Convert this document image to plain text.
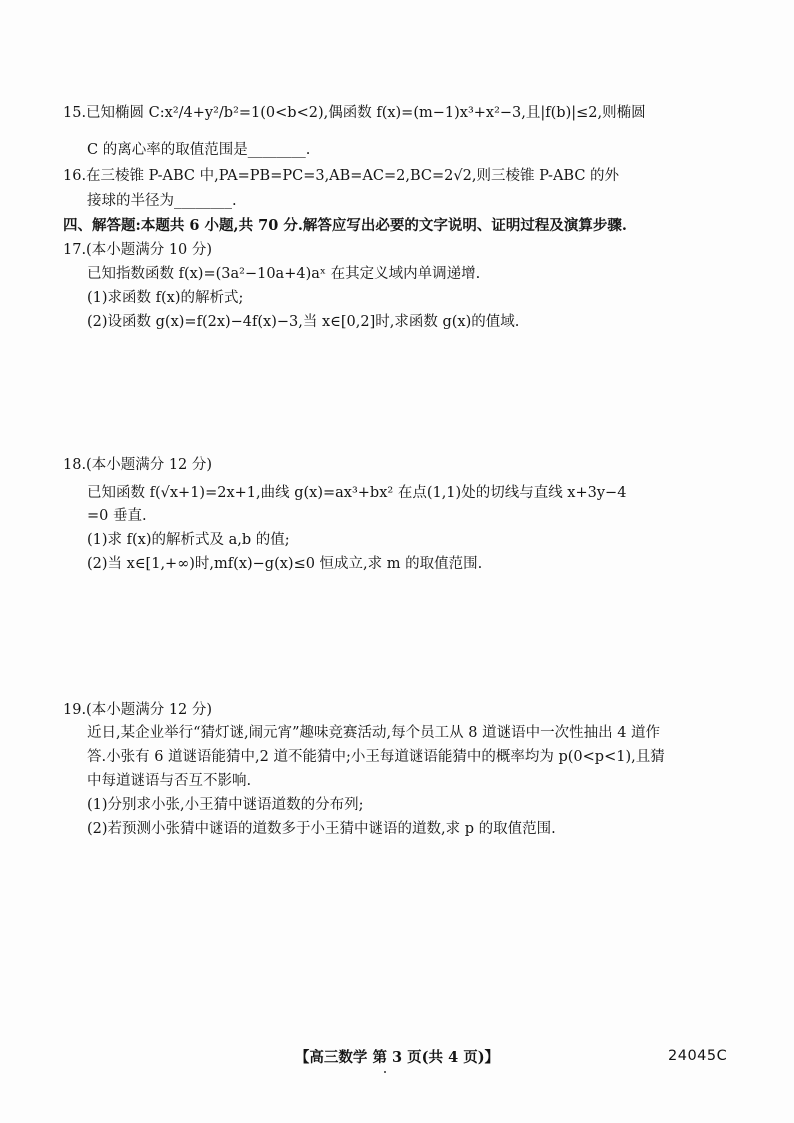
15.已知椭圆 C:x²/4+y²/b²=1(0<b<2),偶函数 f(x)=(m−1)x³+x²−3,且|f(b)|≤2,则椭圆
C 的离心率的取值范围是________.
16.在三棱锥 P-ABC 中,PA=PB=PC=3,AB=AC=2,BC=2√2,则三棱锥 P-ABC 的外
接球的半径为________.
四、解答题:本题共 6 小题,共 70 分.解答应写出必要的文字说明、证明过程及演算步骤.
17.(本小题满分 10 分)
已知指数函数 f(x)=(3a²−10a+4)aˣ 在其定义域内单调递增.
(1)求函数 f(x)的解析式;
(2)设函数 g(x)=f(2x)−4f(x)−3,当 x∈[0,2]时,求函数 g(x)的值域.
18.(本小题满分 12 分)
已知函数 f(√x+1)=2x+1,曲线 g(x)=ax³+bx² 在点(1,1)处的切线与直线 x+3y−4
=0 垂直.
(1)求 f(x)的解析式及 a,b 的值;
(2)当 x∈[1,+∞)时,mf(x)−g(x)≤0 恒成立,求 m 的取值范围.
19.(本小题满分 12 分)
近日,某企业举行“猜灯谜,闹元宵”趣味竞赛活动,每个员工从 8 道谜语中一次性抽出 4 道作
答.小张有 6 道谜语能猜中,2 道不能猜中;小王每道谜语能猜中的概率均为 p(0<p<1),且猜
中每道谜语与否互不影响.
(1)分别求小张,小王猜中谜语道数的分布列;
(2)若预测小张猜中谜语的道数多于小王猜中谜语的道数,求 p 的取值范围.
【高三数学 第 3 页(共 4 页)】	24045C
